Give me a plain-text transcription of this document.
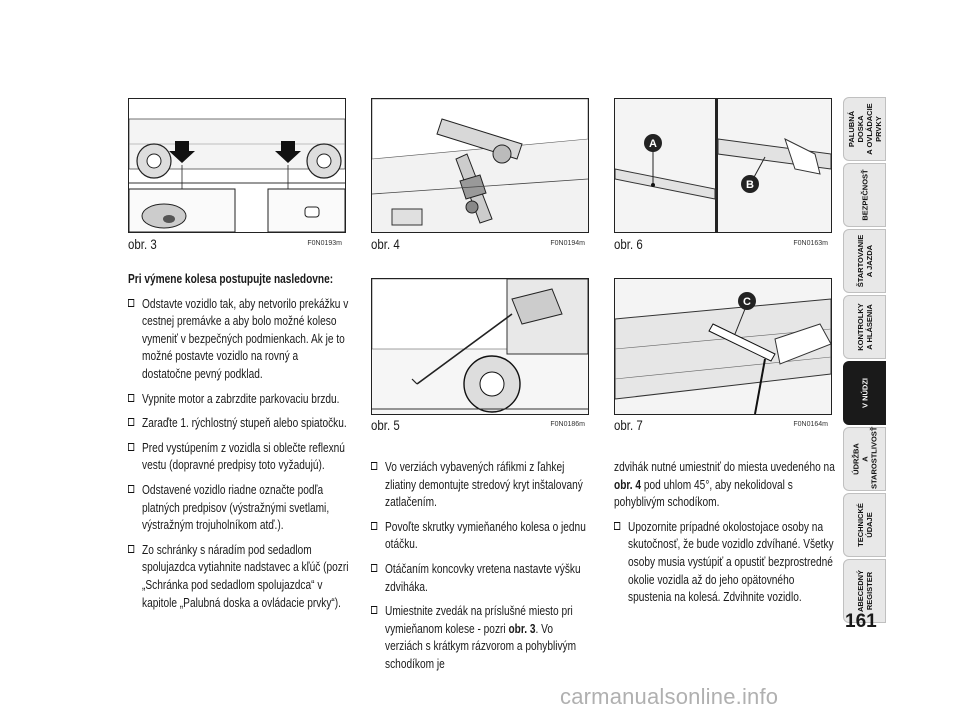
obr. 3	F0N0193m obr. 4	F0N0194m
A
B
obr. 6	F0N0163m
obr. 5	F0N0186m
C
obr. 7	F0N0164m

Pri výmene kolesa postupujte nasledovne:

Odstavte vozidlo tak, aby netvorilo prekážku v cestnej premávke a aby bolo možné koleso vymeniť v bezpečných podmienkach. Ak je to možné postavte vozidlo na rovný a dostatočne pevný podklad.
Vypnite motor a zabrzdite parkovaciu brzdu.
Zaraďte 1. rýchlostný stupeň alebo spiatočku.
Pred vystúpením z vozidla si oblečte reflexnú vestu (dopravné predpisy toto vyžadujú).
Odstavené vozidlo riadne označte podľa platných predpisov (výstražnými svetlami, výstražným trojuholníkom atď.).
Zo schránky s náradím pod sedadlom spolujazdca vytiahnite nadstavec a kľúč (pozri „Schránka pod sedadlom spolujazdca“ v kapitole „Palubná doska a ovládacie prvky“).
Vo verziách vybavených ráfikmi z ľahkej zliatiny demontujte stredový kryt inštalovaný zatlačením.
Povoľte skrutky vymieňaného kolesa o jednu otáčku.
Otáčaním koncovky vretena nastavte výšku zdviháka.
Umiestnite zvedák na príslušné miesto pri vymieňanom kolese - pozri obr. 3. Vo verziách s krátkym rázvorom a pohyblivým schodíkom je

zdvihák nutné umiestniť do miesta uvedeného na obr. 4 pod uhlom 45°, aby nekolidoval s pohyblivým schodíkom.

Upozornite prípadné okolostojace osoby na skutočnosť, že bude vozidlo zdvíhané. Všetky osoby musia vystúpiť a opustiť bezprostredné okolie vozidla až do jeho opätovného spustenia na kolesá. Zdvihnite vozidlo.
PALUBNÁ DOSKA
A OVLÁDACIE PRVKY
BEZPEČNOSŤ
ŠTARTOVANIE
A JAZDA
KONTROLKY
A HLÁSENIA
V NÚDZI
ÚDRŽBA
A STAROSTLIVOSŤ
TECHNICKÉ
ÚDAJE
ABECEDNÝ
REGISTER
161
carmanualsonline.info
